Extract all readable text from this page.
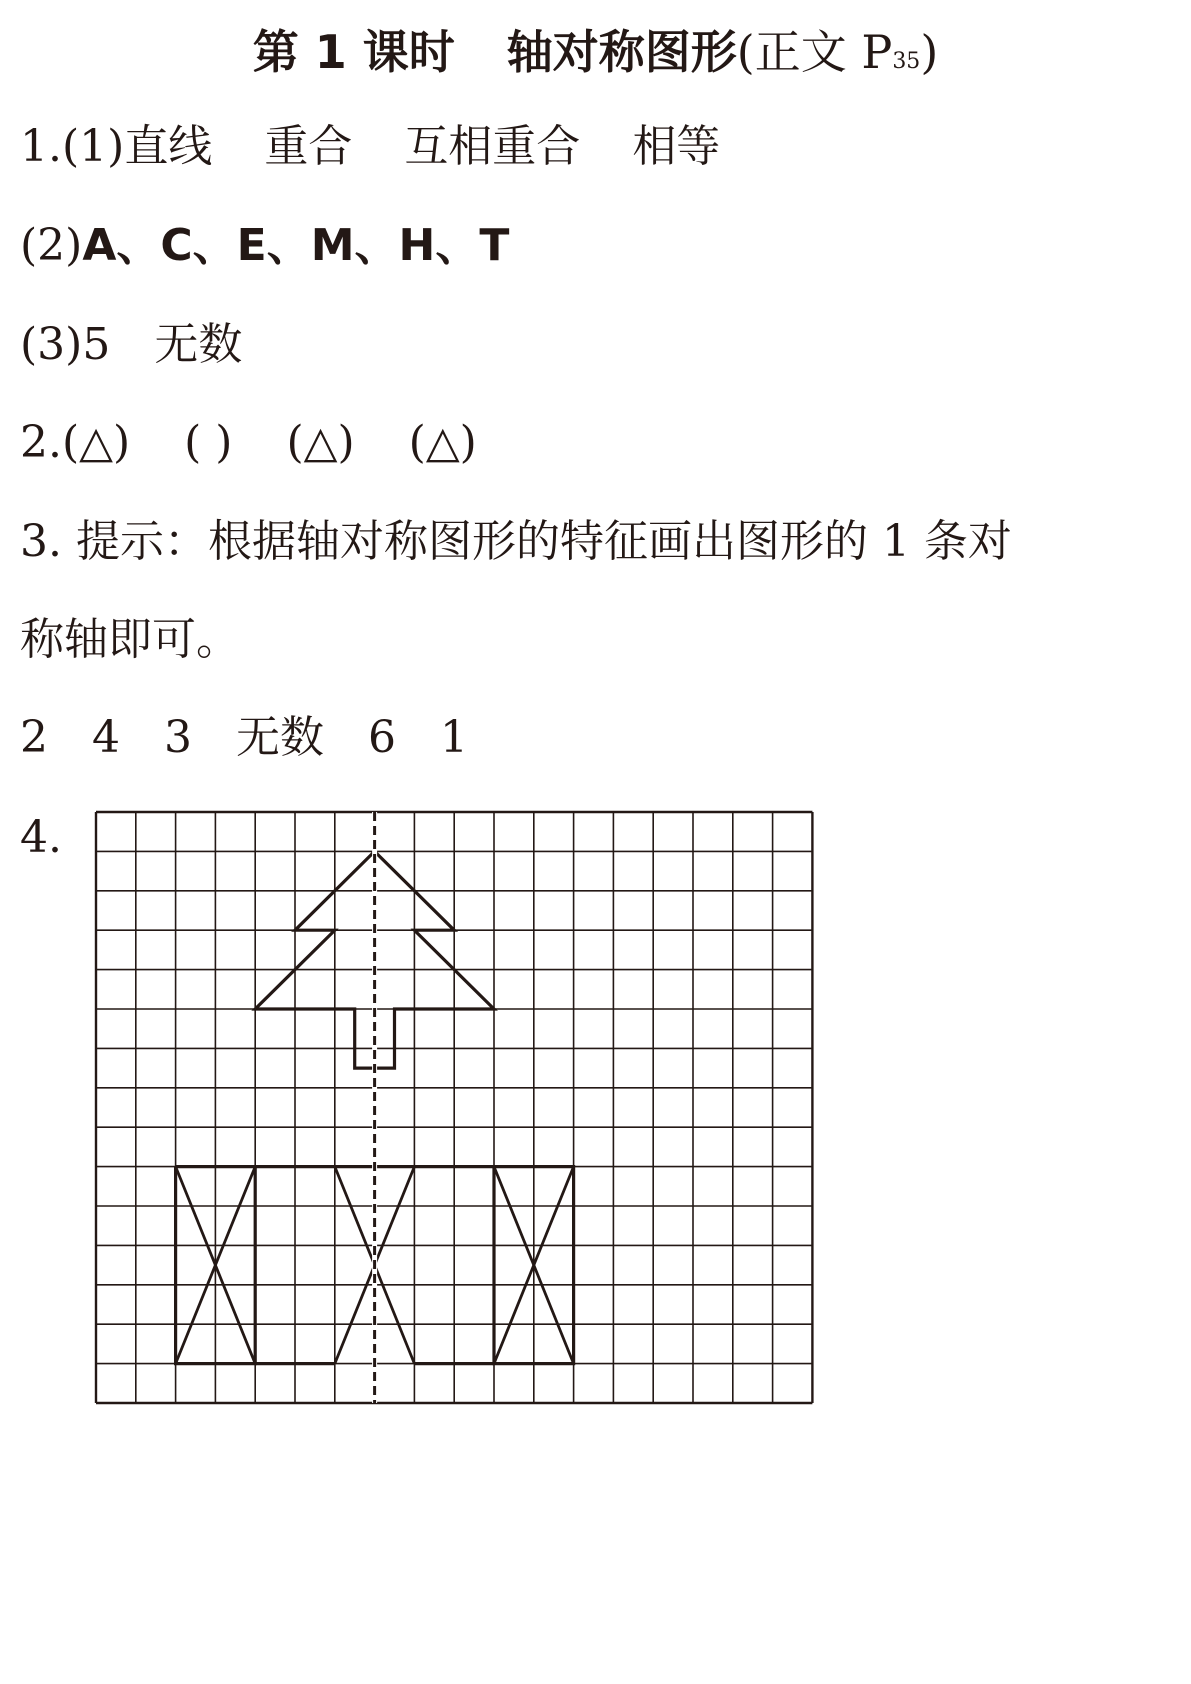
第 1 课时 轴对称图形(正文 P35)
1.(1)直线 重合 互相重合 相等
(2)A、C、E、M、H、T
(3)5 无数
2.(△) ( ) (△) (△)
3. 提示：根据轴对称图形的特征画出图形的 1 条对
称轴即可。
2 4 3 无数 6 1
4.
